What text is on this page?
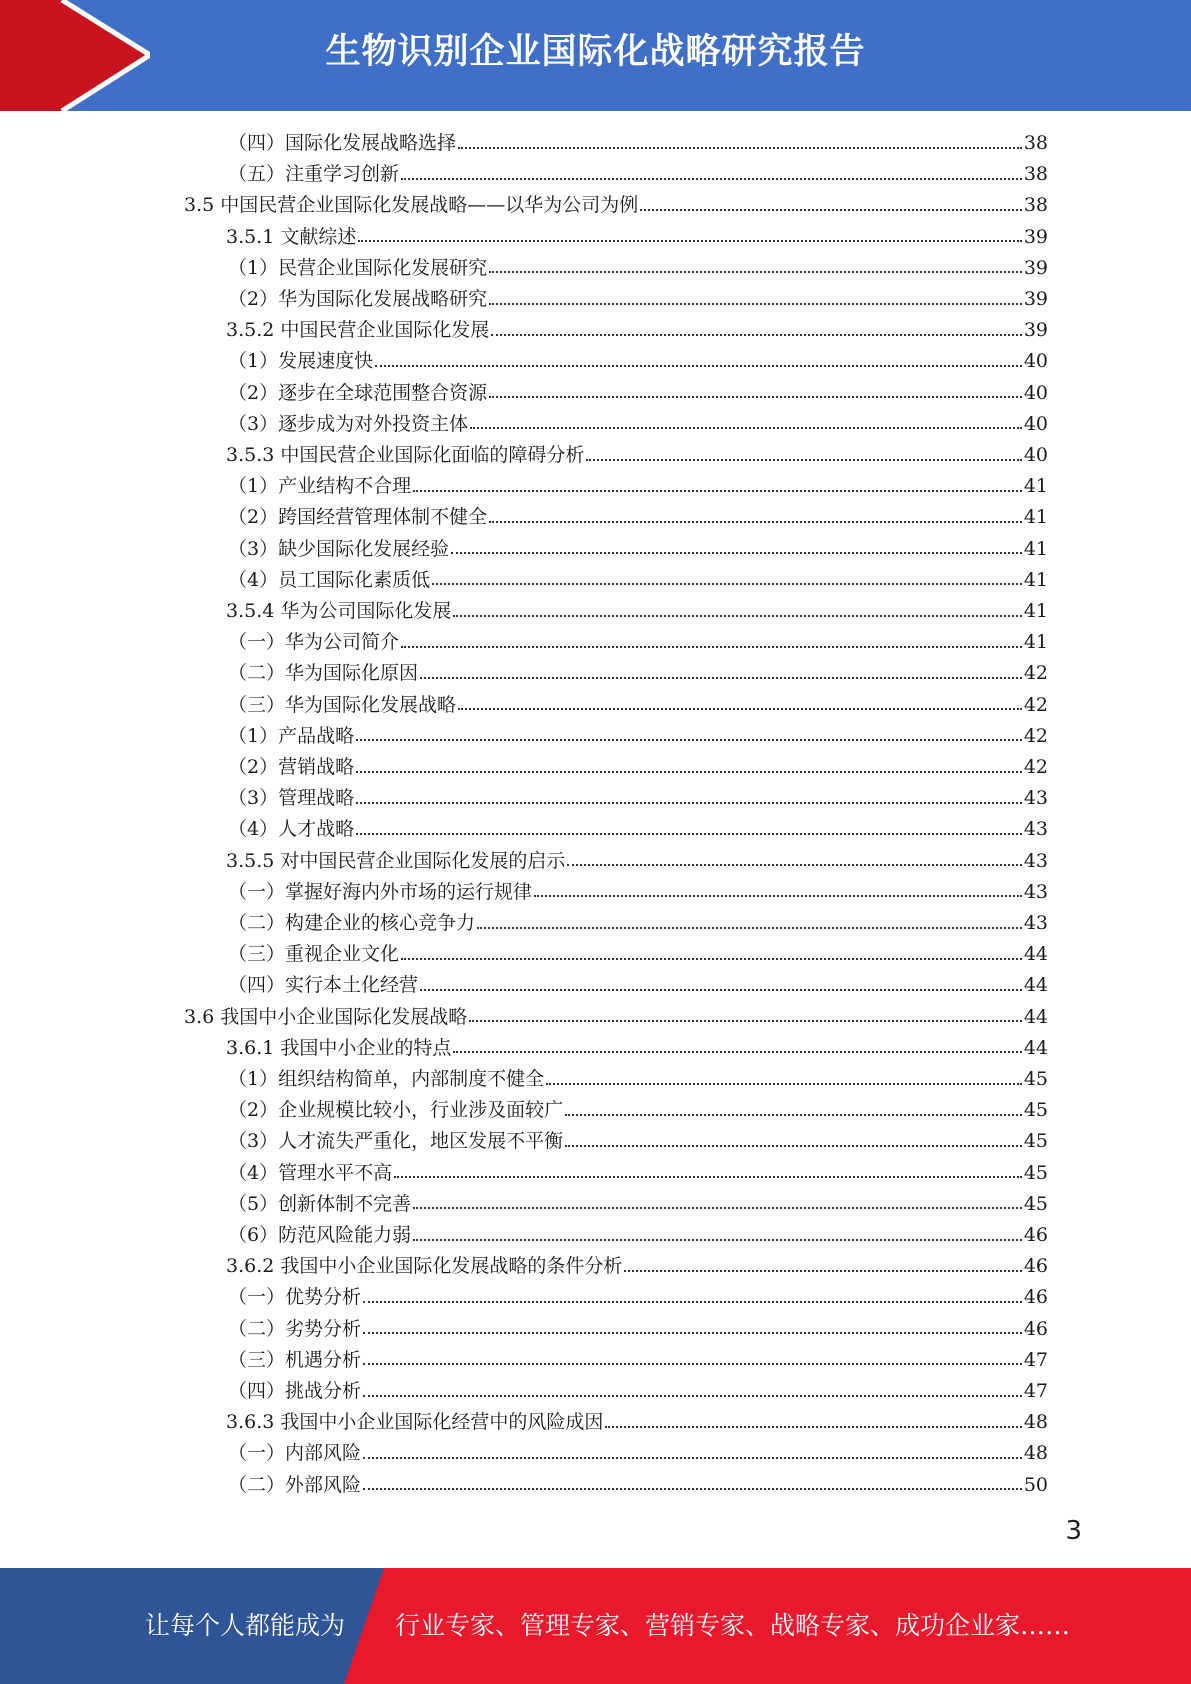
生物识别企业国际化战略研究报告
（四）国际化发展战略选择	38
（五）注重学习创新	38
3.5 中国民营企业国际化发展战略——以华为公司为例	38
3.5.1 文献综述	39
（1）民营企业国际化发展研究	39
（2）华为国际化发展战略研究	39
3.5.2 中国民营企业国际化发展	39
（1）发展速度快	40
（2）逐步在全球范围整合资源	40
（3）逐步成为对外投资主体	40
3.5.3 中国民营企业国际化面临的障碍分析	40
（1）产业结构不合理	41
（2）跨国经营管理体制不健全	41
（3）缺少国际化发展经验	41
（4）员工国际化素质低	41
3.5.4 华为公司国际化发展	41
（一）华为公司简介	41
（二）华为国际化原因	42
（三）华为国际化发展战略	42
（1）产品战略	42
（2）营销战略	42
（3）管理战略	43
（4）人才战略	43
3.5.5 对中国民营企业国际化发展的启示	43
（一）掌握好海内外市场的运行规律	43
（二）构建企业的核心竞争力	43
（三）重视企业文化	44
（四）实行本土化经营	44
3.6 我国中小企业国际化发展战略	44
3.6.1 我国中小企业的特点	44
（1）组织结构简单，内部制度不健全	45
（2）企业规模比较小，行业涉及面较广	45
（3）人才流失严重化，地区发展不平衡	45
（4）管理水平不高	45
（5）创新体制不完善	45
（6）防范风险能力弱	46
3.6.2 我国中小企业国际化发展战略的条件分析	46
（一）优势分析	46
（二）劣势分析	46
（三）机遇分析	47
（四）挑战分析	47
3.6.3 我国中小企业国际化经营中的风险成因	48
（一）内部风险	48
（二）外部风险	50
3
让每个人都能成为	行业专家、管理专家、营销专家、战略专家、成功企业家……
